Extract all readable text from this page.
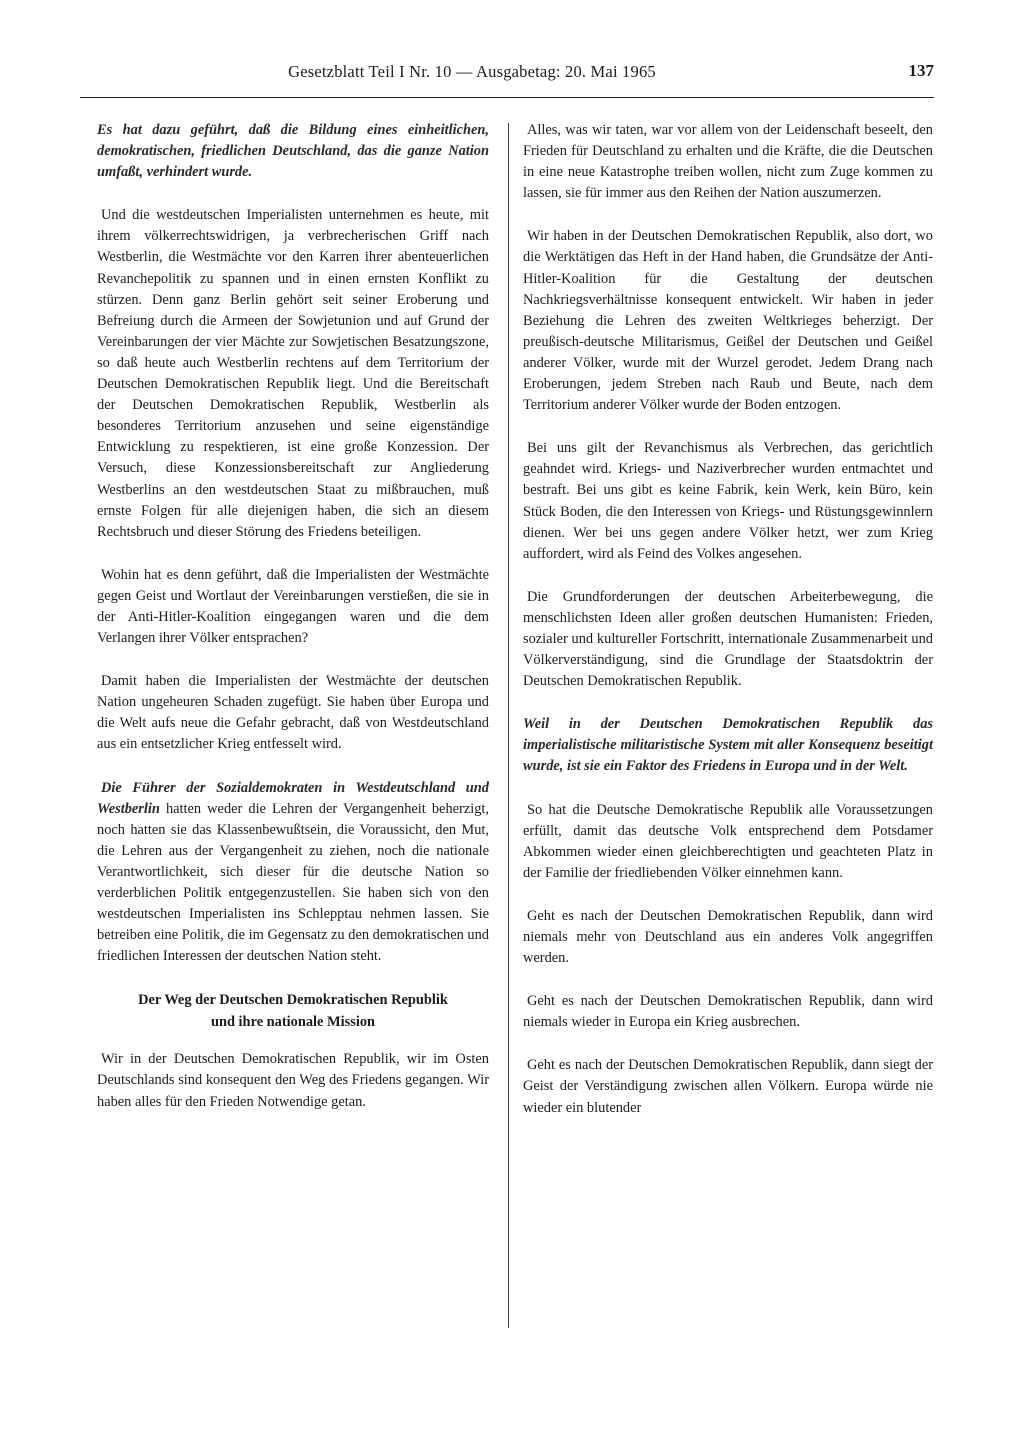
Gesetzblatt Teil I Nr. 10 — Ausgabetag: 20. Mai 1965	137

Es hat dazu geführt, daß die Bildung eines einheitlichen, demokratischen, friedlichen Deutschland, das die ganze Nation umfaßt, verhindert wurde.

Und die westdeutschen Imperialisten unternehmen es heute, mit ihrem völkerrechtswidrigen, ja verbrecherischen Griff nach Westberlin, die Westmächte vor den Karren ihrer abenteuerlichen Revanchepolitik zu spannen und in einen ernsten Konflikt zu stürzen. Denn ganz Berlin gehört seit seiner Eroberung und Befreiung durch die Armeen der Sowjetunion und auf Grund der Vereinbarungen der vier Mächte zur Sowjetischen Besatzungszone, so daß heute auch Westberlin rechtens auf dem Territorium der Deutschen Demokratischen Republik liegt. Und die Bereitschaft der Deutschen Demokratischen Republik, Westberlin als besonderes Territorium anzusehen und seine eigenständige Entwicklung zu respektieren, ist eine große Konzession. Der Versuch, diese Konzessionsbereitschaft zur Angliederung Westberlins an den westdeutschen Staat zu mißbrauchen, muß ernste Folgen für alle diejenigen haben, die sich an diesem Rechtsbruch und dieser Störung des Friedens beteiligen.

Wohin hat es denn geführt, daß die Imperialisten der Westmächte gegen Geist und Wortlaut der Vereinbarungen verstießen, die sie in der Anti-Hitler-Koalition eingegangen waren und die dem Verlangen ihrer Völker entsprachen?

Damit haben die Imperialisten der Westmächte der deutschen Nation ungeheuren Schaden zugefügt. Sie haben über Europa und die Welt aufs neue die Gefahr gebracht, daß von Westdeutschland aus ein entsetzlicher Krieg entfesselt wird.

Die Führer der Sozialdemokraten in Westdeutschland und Westberlin hatten weder die Lehren der Vergangenheit beherzigt, noch hatten sie das Klassenbewußtsein, die Voraussicht, den Mut, die Lehren aus der Vergangenheit zu ziehen, noch die nationale Verantwortlichkeit, sich dieser für die deutsche Nation so verderblichen Politik entgegenzustellen. Sie haben sich von den westdeutschen Imperialisten ins Schlepptau nehmen lassen. Sie betreiben eine Politik, die im Gegensatz zu den demokratischen und friedlichen Interessen der deutschen Nation steht.

Der Weg der Deutschen Demokratischen Republik
und ihre nationale Mission

Wir in der Deutschen Demokratischen Republik, wir im Osten Deutschlands sind konsequent den Weg des Friedens gegangen. Wir haben alles für den Frieden Notwendige getan.

Alles, was wir taten, war vor allem von der Leidenschaft beseelt, den Frieden für Deutschland zu erhalten und die Kräfte, die die Deutschen in eine neue Katastrophe treiben wollen, nicht zum Zuge kommen zu lassen, sie für immer aus den Reihen der Nation auszumerzen.

Wir haben in der Deutschen Demokratischen Republik, also dort, wo die Werktätigen das Heft in der Hand haben, die Grundsätze der Anti-Hitler-Koalition für die Gestaltung der deutschen Nachkriegsverhältnisse konsequent entwickelt. Wir haben in jeder Beziehung die Lehren des zweiten Weltkrieges beherzigt. Der preußisch-deutsche Militarismus, Geißel der Deutschen und Geißel anderer Völker, wurde mit der Wurzel gerodet. Jedem Drang nach Eroberungen, jedem Streben nach Raub und Beute, nach dem Territorium anderer Völker wurde der Boden entzogen.

Bei uns gilt der Revanchismus als Verbrechen, das gerichtlich geahndet wird. Kriegs- und Naziverbrecher wurden entmachtet und bestraft. Bei uns gibt es keine Fabrik, kein Werk, kein Büro, kein Stück Boden, die den Interessen von Kriegs- und Rüstungsgewinnlern dienen. Wer bei uns gegen andere Völker hetzt, wer zum Krieg auffordert, wird als Feind des Volkes angesehen.

Die Grundforderungen der deutschen Arbeiterbewegung, die menschlichsten Ideen aller großen deutschen Humanisten: Frieden, sozialer und kultureller Fortschritt, internationale Zusammenarbeit und Völkerverständigung, sind die Grundlage der Staatsdoktrin der Deutschen Demokratischen Republik.

Weil in der Deutschen Demokratischen Republik das imperialistische militaristische System mit aller Konsequenz beseitigt wurde, ist sie ein Faktor des Friedens in Europa und in der Welt.

So hat die Deutsche Demokratische Republik alle Voraussetzungen erfüllt, damit das deutsche Volk entsprechend dem Potsdamer Abkommen wieder einen gleichberechtigten und geachteten Platz in der Familie der friedliebenden Völker einnehmen kann.

Geht es nach der Deutschen Demokratischen Republik, dann wird niemals mehr von Deutschland aus ein anderes Volk angegriffen werden.

Geht es nach der Deutschen Demokratischen Republik, dann wird niemals wieder in Europa ein Krieg ausbrechen.

Geht es nach der Deutschen Demokratischen Republik, dann siegt der Geist der Verständigung zwischen allen Völkern. Europa würde nie wieder ein blutender
